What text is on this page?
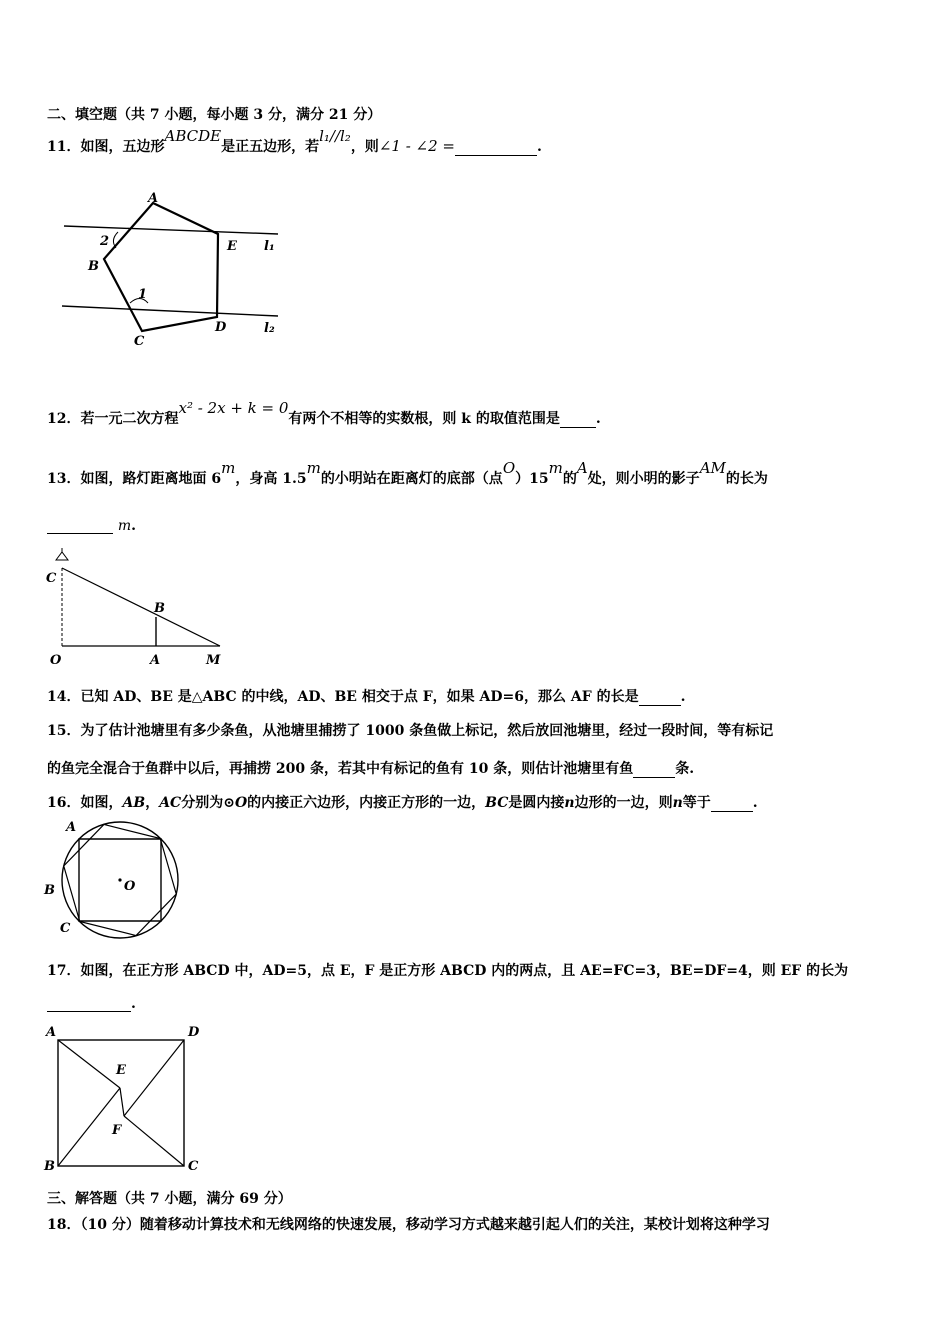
二、填空题（共 7 小题，每小题 3 分，满分 21 分）
11．如图，五边形ABCDE是正五边形，若l₁//l₂，则∠1 - ∠2 =	.
A
E
B
C
D
1
2	l₁
l₂
12．若一元二次方程x² - 2x + k = 0有两个不相等的实数根，则 k 的取值范围是	.
13．如图，路灯距离地面 6m，身高 1.5m的小明站在距离灯的底部（点O）15m的A处，则小明的影子AM的长为
m.
C
B
O	A	M
14．已知 AD、BE 是△ABC 的中线，AD、BE 相交于点 F，如果 AD=6，那么 AF 的长是	.
15．为了估计池塘里有多少条鱼，从池塘里捕捞了 1000 条鱼做上标记，然后放回池塘里，经过一段时间，等有标记
的鱼完全混合于鱼群中以后，再捕捞 200 条，若其中有标记的鱼有 10 条，则估计池塘里有鱼	条.
16．如图，AB，AC分别为⊙O的内接正六边形，内接正方形的一边，BC是圆内接n边形的一边，则n等于	.
A
B
C
O
17．如图，在正方形 ABCD 中，AD=5，点 E，F 是正方形 ABCD 内的两点，且 AE=FC=3，BE=DF=4，则 EF 的长为
.
A	D
E
F
B	C
三、解答题（共 7 小题，满分 69 分）
18．（10 分）随着移动计算技术和无线网络的快速发展，移动学习方式越来越引起人们的关注，某校计划将这种学习
